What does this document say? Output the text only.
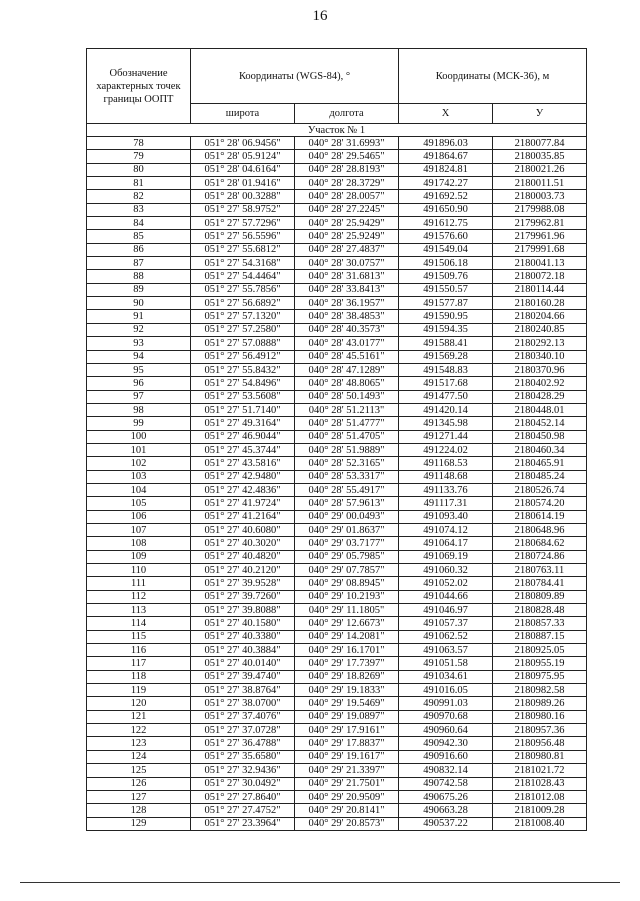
16
Обозначение характерных точек границы ООПТ	Координаты (WGS-84), °		Координаты (МСК-36), м	
	широта	долгота	X	У
Участок № 1				
78	051° 28' 06.9456"	040° 28' 31.6993"	491896.03	2180077.84
79	051° 28' 05.9124"	040° 28' 29.5465"	491864.67	2180035.85
80	051° 28' 04.6164"	040° 28' 28.8193"	491824.81	2180021.26
81	051° 28' 01.9416"	040° 28' 28.3729"	491742.27	2180011.51
82	051° 28' 00.3288"	040° 28' 28.0057"	491692.52	2180003.73
83	051° 27' 58.9752"	040° 28' 27.2245"	491650.90	2179988.08
84	051° 27' 57.7296"	040° 28' 25.9429"	491612.75	2179962.81
85	051° 27' 56.5596"	040° 28' 25.9249"	491576.60	2179961.96
86	051° 27' 55.6812"	040° 28' 27.4837"	491549.04	2179991.68
87	051° 27' 54.3168"	040° 28' 30.0757"	491506.18	2180041.13
88	051° 27' 54.4464"	040° 28' 31.6813"	491509.76	2180072.18
89	051° 27' 55.7856"	040° 28' 33.8413"	491550.57	2180114.44
90	051° 27' 56.6892"	040° 28' 36.1957"	491577.87	2180160.28
91	051° 27' 57.1320"	040° 28' 38.4853"	491590.95	2180204.66
92	051° 27' 57.2580"	040° 28' 40.3573"	491594.35	2180240.85
93	051° 27' 57.0888"	040° 28' 43.0177"	491588.41	2180292.13
94	051° 27' 56.4912"	040° 28' 45.5161"	491569.28	2180340.10
95	051° 27' 55.8432"	040° 28' 47.1289"	491548.83	2180370.96
96	051° 27' 54.8496"	040° 28' 48.8065"	491517.68	2180402.92
97	051° 27' 53.5608"	040° 28' 50.1493"	491477.50	2180428.29
98	051° 27' 51.7140"	040° 28' 51.2113"	491420.14	2180448.01
99	051° 27' 49.3164"	040° 28' 51.4777"	491345.98	2180452.14
100	051° 27' 46.9044"	040° 28' 51.4705"	491271.44	2180450.98
101	051° 27' 45.3744"	040° 28' 51.9889"	491224.02	2180460.34
102	051° 27' 43.5816"	040° 28' 52.3165"	491168.53	2180465.91
103	051° 27' 42.9480"	040° 28' 53.3317"	491148.68	2180485.24
104	051° 27' 42.4836"	040° 28' 55.4917"	491133.76	2180526.74
105	051° 27' 41.9724"	040° 28' 57.9613"	491117.31	2180574.20
106	051° 27' 41.2164"	040° 29' 00.0493"	491093.40	2180614.19
107	051° 27' 40.6080"	040° 29' 01.8637"	491074.12	2180648.96
108	051° 27' 40.3020"	040° 29' 03.7177"	491064.17	2180684.62
109	051° 27' 40.4820"	040° 29' 05.7985"	491069.19	2180724.86
110	051° 27' 40.2120"	040° 29' 07.7857"	491060.32	2180763.11
111	051° 27' 39.9528"	040° 29' 08.8945"	491052.02	2180784.41
112	051° 27' 39.7260"	040° 29' 10.2193"	491044.66	2180809.89
113	051° 27' 39.8088"	040° 29' 11.1805"	491046.97	2180828.48
114	051° 27' 40.1580"	040° 29' 12.6673"	491057.37	2180857.33
115	051° 27' 40.3380"	040° 29' 14.2081"	491062.52	2180887.15
116	051° 27' 40.3884"	040° 29' 16.1701"	491063.57	2180925.05
117	051° 27' 40.0140"	040° 29' 17.7397"	491051.58	2180955.19
118	051° 27' 39.4740"	040° 29' 18.8269"	491034.61	2180975.95
119	051° 27' 38.8764"	040° 29' 19.1833"	491016.05	2180982.58
120	051° 27' 38.0700"	040° 29' 19.5469"	490991.03	2180989.26
121	051° 27' 37.4076"	040° 29' 19.0897"	490970.68	2180980.16
122	051° 27' 37.0728"	040° 29' 17.9161"	490960.64	2180957.36
123	051° 27' 36.4788"	040° 29' 17.8837"	490942.30	2180956.48
124	051° 27' 35.6580"	040° 29' 19.1617"	490916.60	2180980.81
125	051° 27' 32.9436"	040° 29' 21.3397"	490832.14	2181021.72
126	051° 27' 30.0492"	040° 29' 21.7501"	490742.58	2181028.43
127	051° 27' 27.8640"	040° 29' 20.9509"	490675.26	2181012.08
128	051° 27' 27.4752"	040° 29' 20.8141"	490663.28	2181009.28
129	051° 27' 23.3964"	040° 29' 20.8573"	490537.22	2181008.40
